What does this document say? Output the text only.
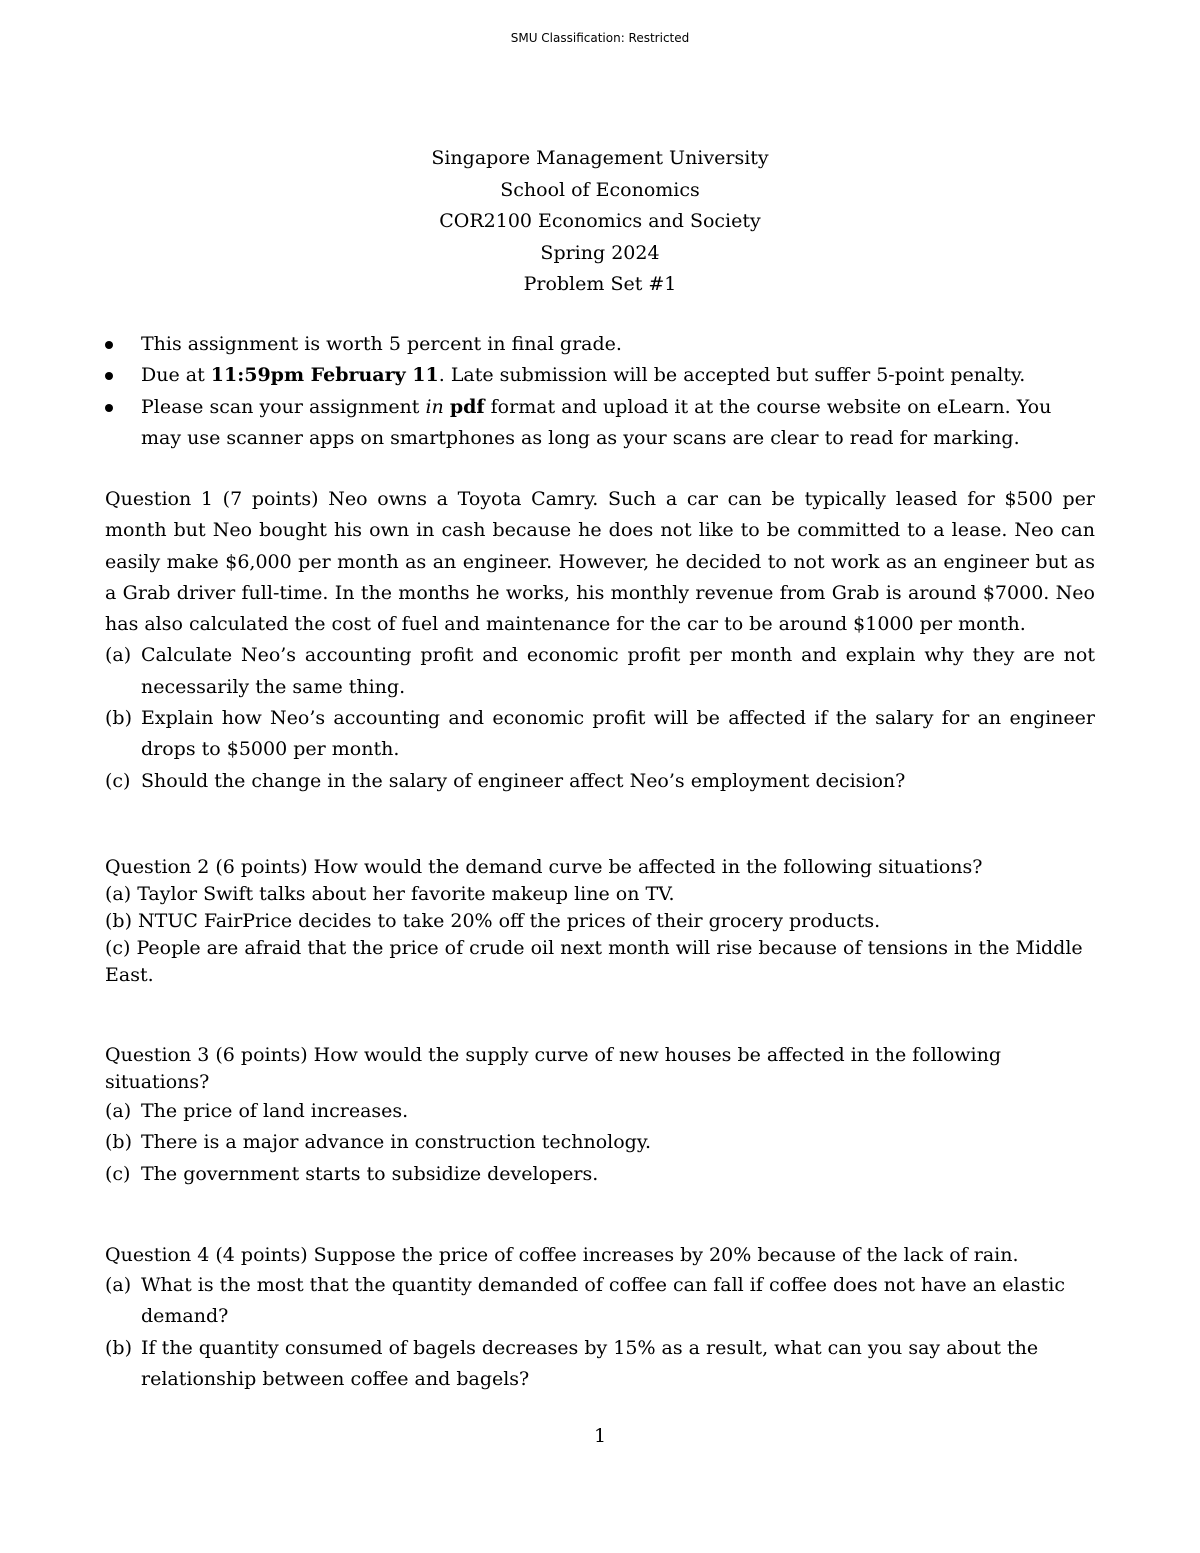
SMU Classification: Restricted
Singapore Management University
School of Economics
COR2100 Economics and Society
Spring 2024
Problem Set #1
This assignment is worth 5 percent in final grade.
Due at 11:59pm February 11. Late submission will be accepted but suffer 5-point penalty.
Please scan your assignment in pdf format and upload it at the course website on eLearn. You may use scanner apps on smartphones as long as your scans are clear to read for marking.
Question 1 (7 points) Neo owns a Toyota Camry. Such a car can be typically leased for $500 per month but Neo bought his own in cash because he does not like to be committed to a lease. Neo can easily make $6,000 per month as an engineer. However, he decided to not work as an engineer but as a Grab driver full-time. In the months he works, his monthly revenue from Grab is around $7000. Neo has also calculated the cost of fuel and maintenance for the car to be around $1000 per month.
(a) Calculate Neo’s accounting profit and economic profit per month and explain why they are not necessarily the same thing.
(b) Explain how Neo’s accounting and economic profit will be affected if the salary for an engineer drops to $5000 per month.
(c) Should the change in the salary of engineer affect Neo’s employment decision?
Question 2 (6 points) How would the demand curve be affected in the following situations?
(a) Taylor Swift talks about her favorite makeup line on TV.
(b) NTUC FairPrice decides to take 20% off the prices of their grocery products.
(c) People are afraid that the price of crude oil next month will rise because of tensions in the Middle East.
Question 3 (6 points) How would the supply curve of new houses be affected in the following situations?
(a) The price of land increases.
(b) There is a major advance in construction technology.
(c) The government starts to subsidize developers.
Question 4 (4 points) Suppose the price of coffee increases by 20% because of the lack of rain.
(a) What is the most that the quantity demanded of coffee can fall if coffee does not have an elastic demand?
(b) If the quantity consumed of bagels decreases by 15% as a result, what can you say about the relationship between coffee and bagels?
1
